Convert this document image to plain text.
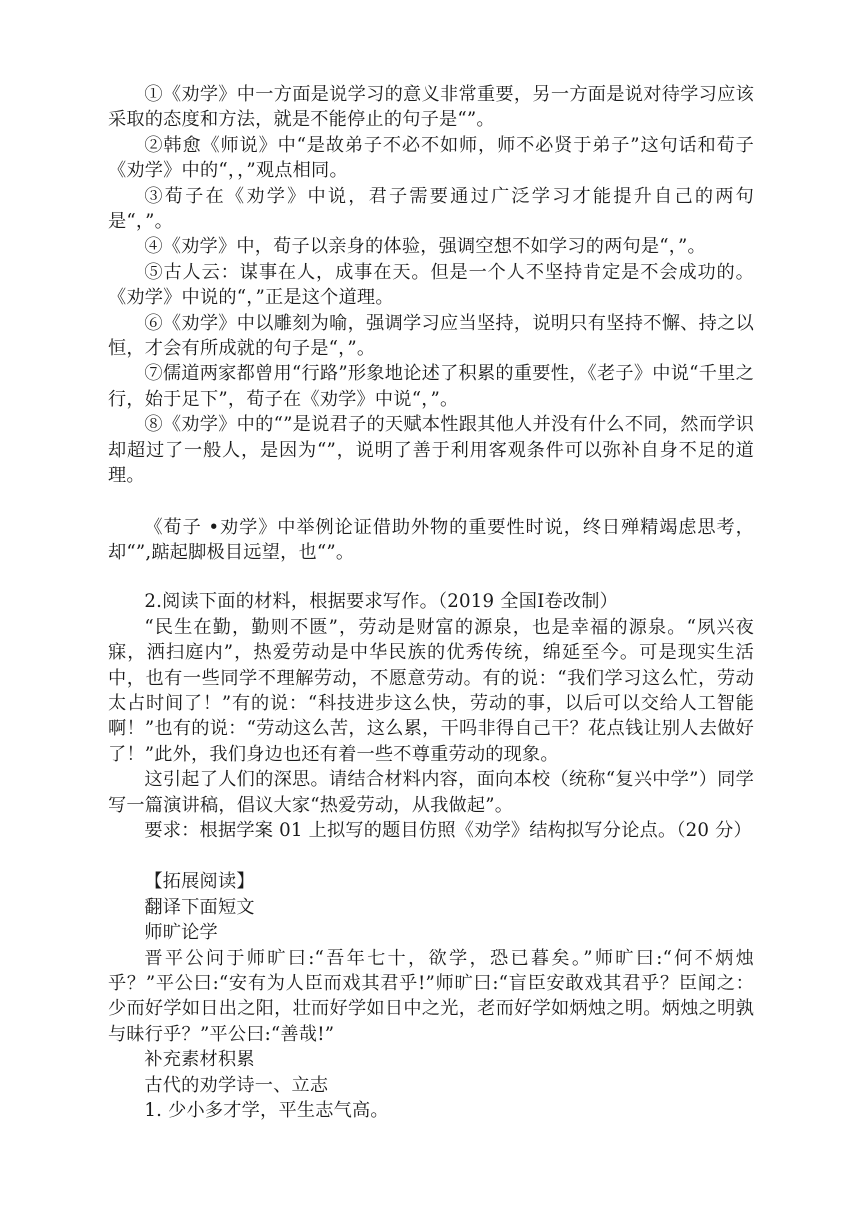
①《劝学》中一方面是说学习的意义非常重要，另一方面是说对待学习应该采取的态度和方法，就是不能停止的句子是“”。

②韩愈《师说》中“是故弟子不必不如师，师不必贤于弟子”这句话和荀子《劝学》中的“，，”观点相同。

③荀子在《劝学》中说，君子需要通过广泛学习才能提升自己的两句是“，”。

④《劝学》中，荀子以亲身的体验，强调空想不如学习的两句是“，”。

⑤古人云：谋事在人，成事在天。但是一个人不坚持肯定是不会成功的。《劝学》中说的“，”正是这个道理。

⑥《劝学》中以雕刻为喻，强调学习应当坚持，说明只有坚持不懈、持之以恒，才会有所成就的句子是“，”。

⑦儒道两家都曾用“行路”形象地论述了积累的重要性，《老子》中说“千里之行，始于足下”，荀子在《劝学》中说“，”。

⑧《劝学》中的“”是说君子的天赋本性跟其他人并没有什么不同，然而学识却超过了一般人，是因为“”，说明了善于利用客观条件可以弥补自身不足的道理。

《荀子 •劝学》中举例论证借助外物的重要性时说，终日殚精竭虑思考，却“”,踮起脚极目远望，也“”。

2.阅读下面的材料，根据要求写作。（2019 全国Ⅰ卷改制）

“民生在勤，勤则不匮”，劳动是财富的源泉，也是幸福的源泉。“夙兴夜寐，洒扫庭内”，热爱劳动是中华民族的优秀传统，绵延至今。可是现实生活中，也有一些同学不理解劳动，不愿意劳动。有的说：“我们学习这么忙，劳动太占时间了！”有的说：“科技进步这么快，劳动的事，以后可以交给人工智能啊！”也有的说：“劳动这么苦，这么累，干吗非得自己干？花点钱让别人去做好了！”此外，我们身边也还有着一些不尊重劳动的现象。

这引起了人们的深思。请结合材料内容，面向本校（统称“复兴中学”）同学写一篇演讲稿，倡议大家“热爱劳动，从我做起”。

要求：根据学案 01 上拟写的题目仿照《劝学》结构拟写分论点。（20 分）

【拓展阅读】

翻译下面短文

师旷论学

晋平公问于师旷曰:“吾年七十，欲学，恐已暮矣。”师旷曰:“何不炳烛乎？”平公曰:“安有为人臣而戏其君乎!”师旷曰:“盲臣安敢戏其君乎？臣闻之：少而好学如日出之阳，壮而好学如日中之光，老而好学如炳烛之明。炳烛之明孰与昧行乎？”平公曰:“善哉!”

补充素材积累

古代的劝学诗一、立志

1. 少小多才学，平生志气高。
